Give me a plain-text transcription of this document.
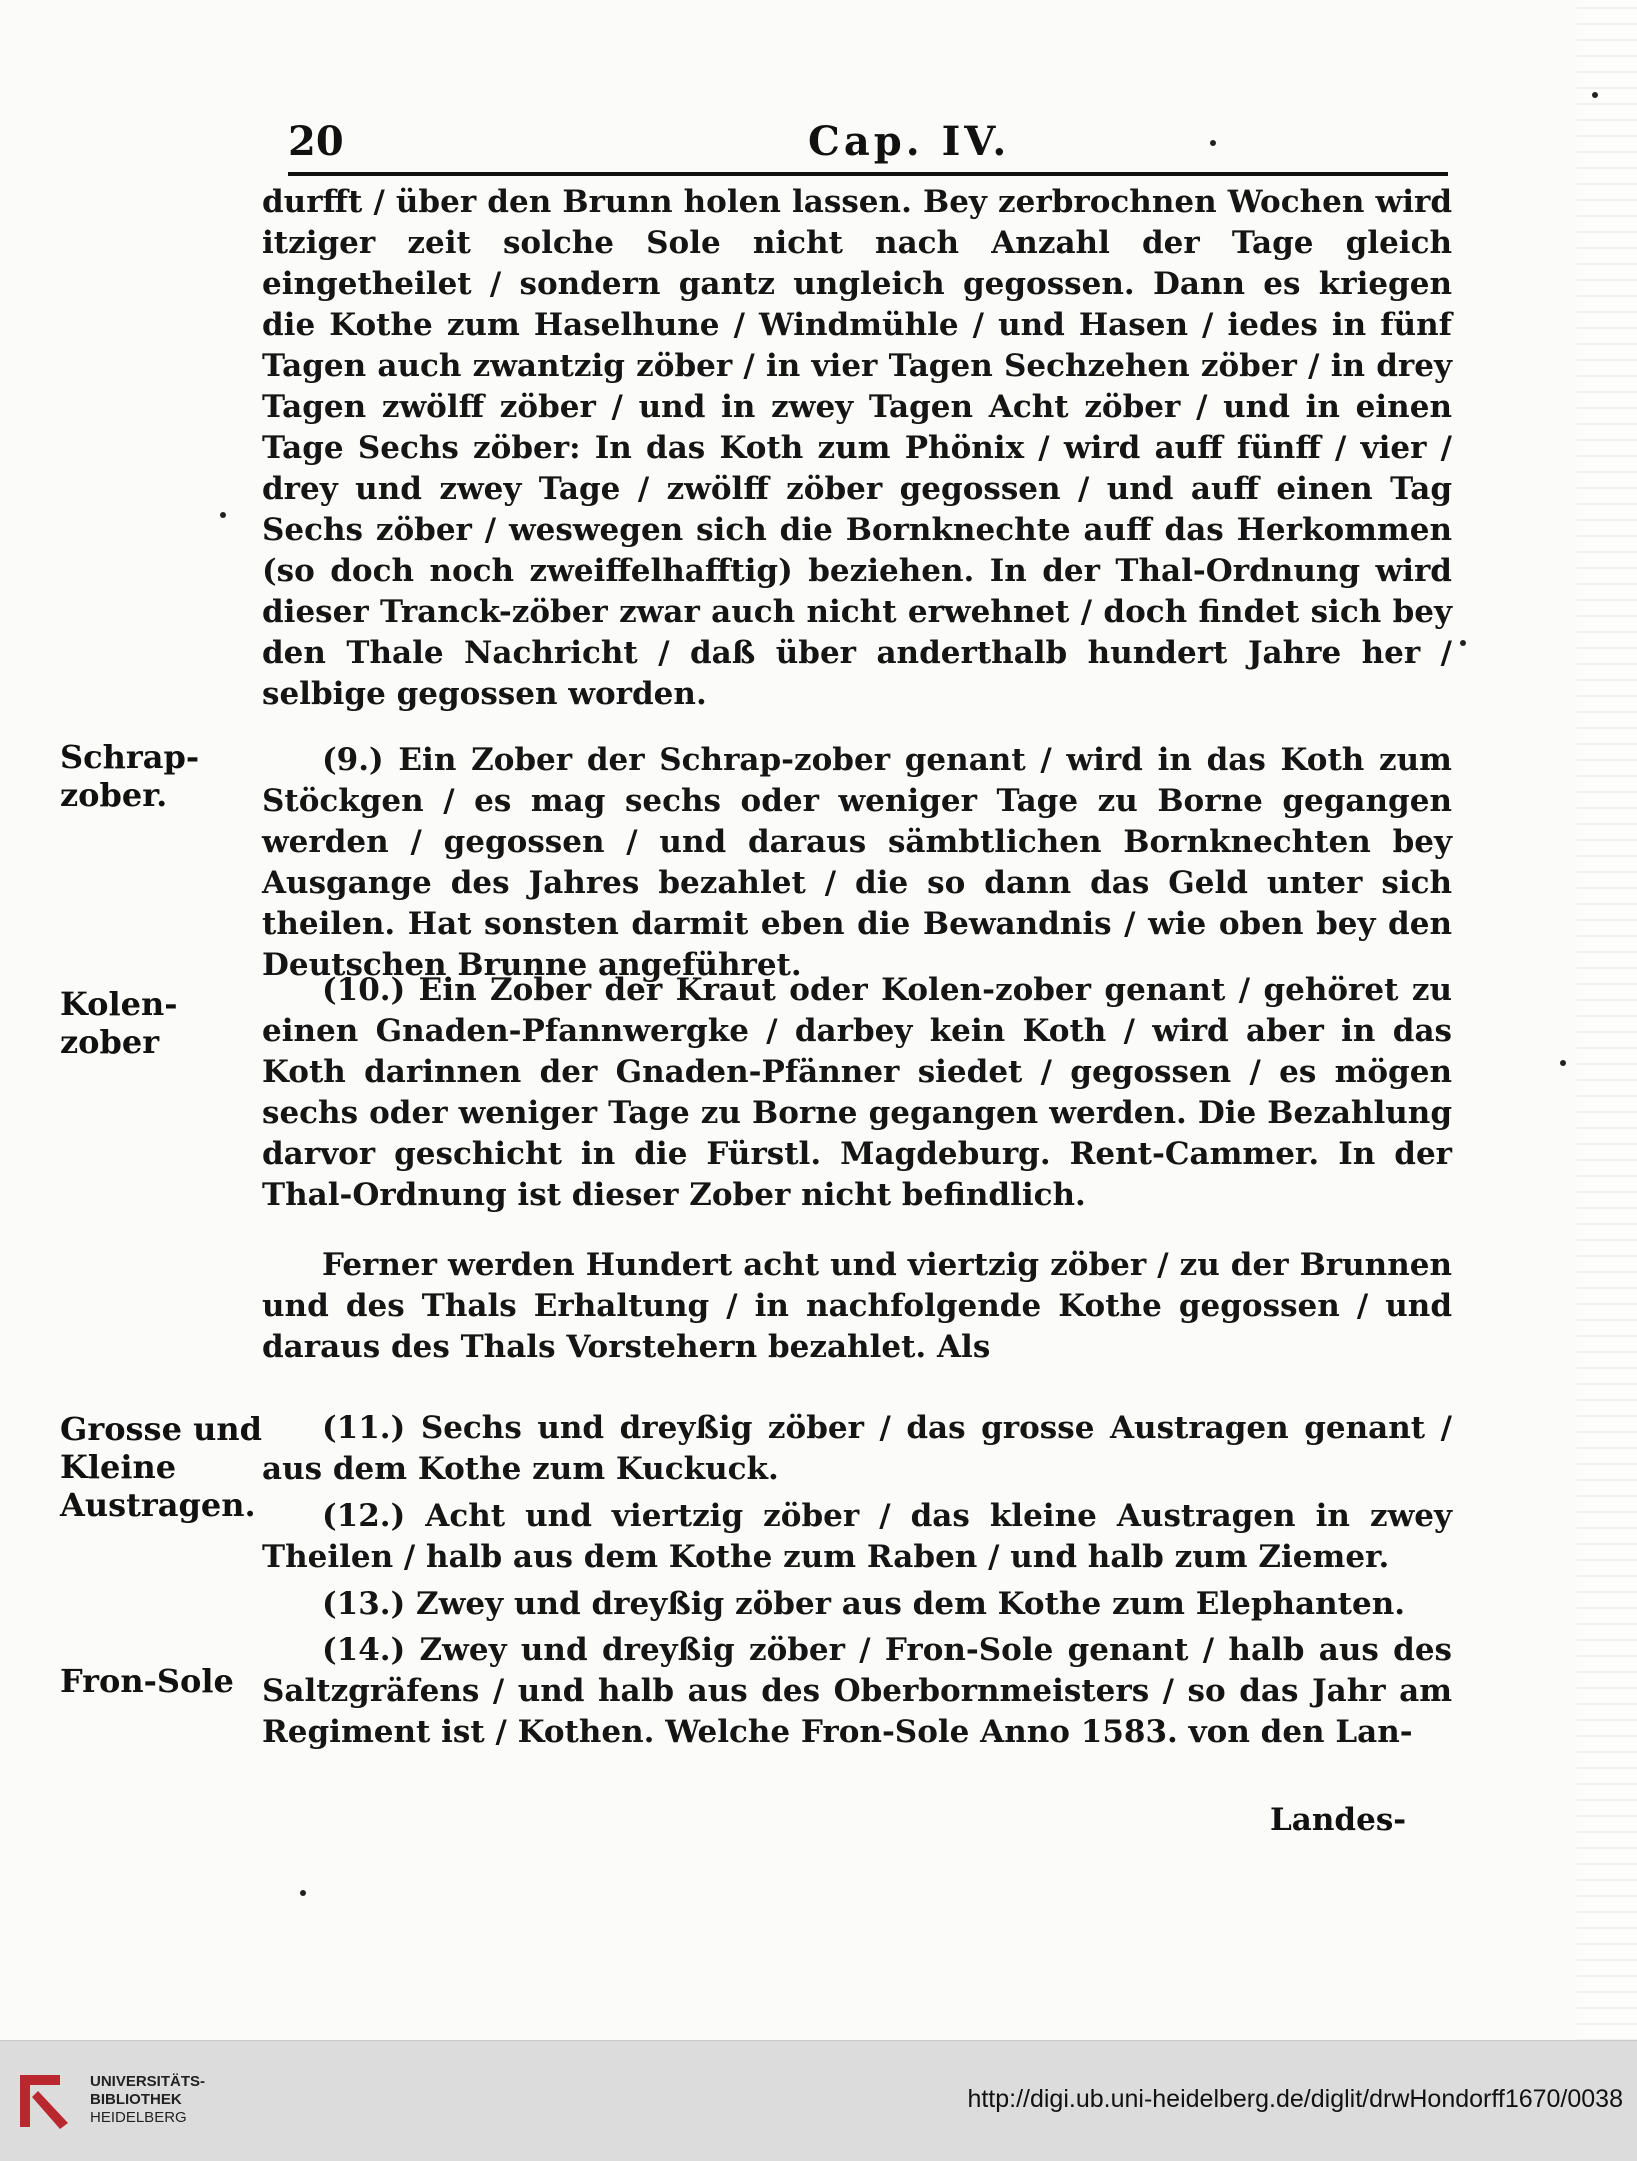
20	Cap. IV.

durfft / über den Brunn holen lassen. Bey zerbrochnen Wochen wird itziger zeit solche Sole nicht nach Anzahl der Tage gleich eingetheilet / sondern gantz ungleich gegossen. Dann es kriegen die Kothe zum Haselhune / Windmühle / und Hasen / iedes in fünf Tagen auch zwantzig zöber / in vier Tagen Sechzehen zöber / in drey Tagen zwölff zöber / und in zwey Tagen Acht zöber / und in einen Tage Sechs zöber: In das Koth zum Phönix / wird auff fünff / vier / drey und zwey Tage / zwölff zöber gegossen / und auff einen Tag Sechs zöber / weswegen sich die Bornknechte auff das Herkommen (so doch noch zweiffelhafftig) beziehen. In der Thal-Ordnung wird dieser Tranck-zöber zwar auch nicht erwehnet / doch findet sich bey den Thale Nachricht / daß über anderthalb hundert Jahre her / selbige gegossen worden.

(9.) Ein Zober der Schrap-zober genant / wird in das Koth zum Stöckgen / es mag sechs oder weniger Tage zu Borne gegangen werden / gegossen / und daraus sämbtlichen Bornknechten bey Ausgange des Jahres bezahlet / die so dann das Geld unter sich theilen. Hat sonsten darmit eben die Bewandnis / wie oben bey den Deutschen Brunne angeführet.

(10.) Ein Zober der Kraut oder Kolen-zober genant / gehöret zu einen Gnaden-Pfannwergke / darbey kein Koth / wird aber in das Koth darinnen der Gnaden-Pfänner siedet / gegossen / es mögen sechs oder weniger Tage zu Borne gegangen werden. Die Bezahlung darvor geschicht in die Fürstl. Magdeburg. Rent-Cammer. In der Thal-Ordnung ist dieser Zober nicht befindlich.

Ferner werden Hundert acht und viertzig zöber / zu der Brunnen und des Thals Erhaltung / in nachfolgende Kothe gegossen / und daraus des Thals Vorstehern bezahlet. Als

(11.) Sechs und dreyßig zöber / das grosse Austragen genant / aus dem Kothe zum Kuckuck.

(12.) Acht und viertzig zöber / das kleine Austragen in zwey Theilen / halb aus dem Kothe zum Raben / und halb zum Ziemer.

(13.) Zwey und dreyßig zöber aus dem Kothe zum Elephanten.

(14.) Zwey und dreyßig zöber / Fron-Sole genant / halb aus des Saltzgräfens / und halb aus des Oberbornmeisters / so das Jahr am Regiment ist / Kothen. Welche Fron-Sole Anno 1583. von den Lan-

Schrap-zober.
Kolen-zober
Grosse und Kleine Austragen.
Fron-Sole
Landes-
UNIVERSITÄTS-
BIBLIOTHEK
HEIDELBERG
http://digi.ub.uni-heidelberg.de/diglit/drwHondorff1670/0038
